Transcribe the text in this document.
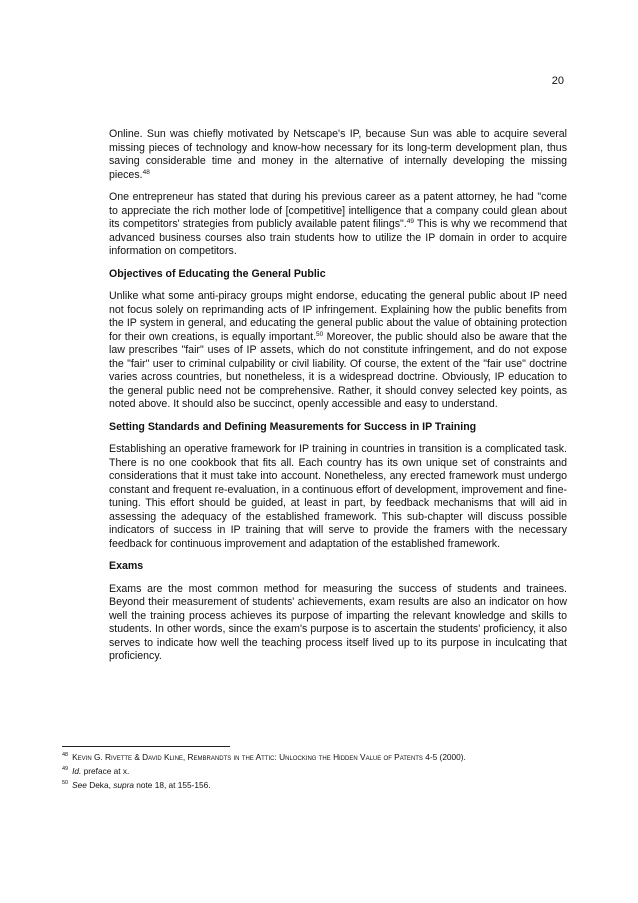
20

Online. Sun was chiefly motivated by Netscape's IP, because Sun was able to acquire several missing pieces of technology and know-how necessary for its long-term development plan, thus saving considerable time and money in the alternative of internally developing the missing pieces.$^{48}$

One entrepreneur has stated that during his previous career as a patent attorney, he had "come to appreciate the rich mother lode of [competitive] intelligence that a company could glean about its competitors' strategies from publicly available patent filings".$^{49}$ This is why we recommend that advanced business courses also train students how to utilize the IP domain in order to acquire information on competitors.

Objectives of Educating the General Public

Unlike what some anti-piracy groups might endorse, educating the general public about IP need not focus solely on reprimanding acts of IP infringement. Explaining how the public benefits from the IP system in general, and educating the general public about the value of obtaining protection for their own creations, is equally important.$^{50}$ Moreover, the public should also be aware that the law prescribes "fair" uses of IP assets, which do not constitute infringement, and do not expose the "fair" user to criminal culpability or civil liability. Of course, the extent of the "fair use" doctrine varies across countries, but nonetheless, it is a widespread doctrine. Obviously, IP education to the general public need not be comprehensive. Rather, it should convey selected key points, as noted above. It should also be succinct, openly accessible and easy to understand.

Setting Standards and Defining Measurements for Success in IP Training

Establishing an operative framework for IP training in countries in transition is a complicated task. There is no one cookbook that fits all. Each country has its own unique set of constraints and considerations that it must take into account. Nonetheless, any erected framework must undergo constant and frequent re-evaluation, in a continuous effort of development, improvement and fine-tuning. This effort should be guided, at least in part, by feedback mechanisms that will aid in assessing the adequacy of the established framework. This sub-chapter will discuss possible indicators of success in IP training that will serve to provide the framers with the necessary feedback for continuous improvement and adaptation of the established framework.

Exams

Exams are the most common method for measuring the success of students and trainees. Beyond their measurement of students' achievements, exam results are also an indicator on how well the training process achieves its purpose of imparting the relevant knowledge and skills to students. In other words, since the exam's purpose is to ascertain the students' proficiency, it also serves to indicate how well the teaching process itself lived up to its purpose in inculcating that proficiency.

$^{48}$ Kevin G. Rivette & David Kline, Rembrandts in the Attic: Unlocking the Hidden Value of Patents 4-5 (2000).
$^{49}$ Id. preface at x.
$^{50}$ See Deka, supra note 18, at 155-156.
